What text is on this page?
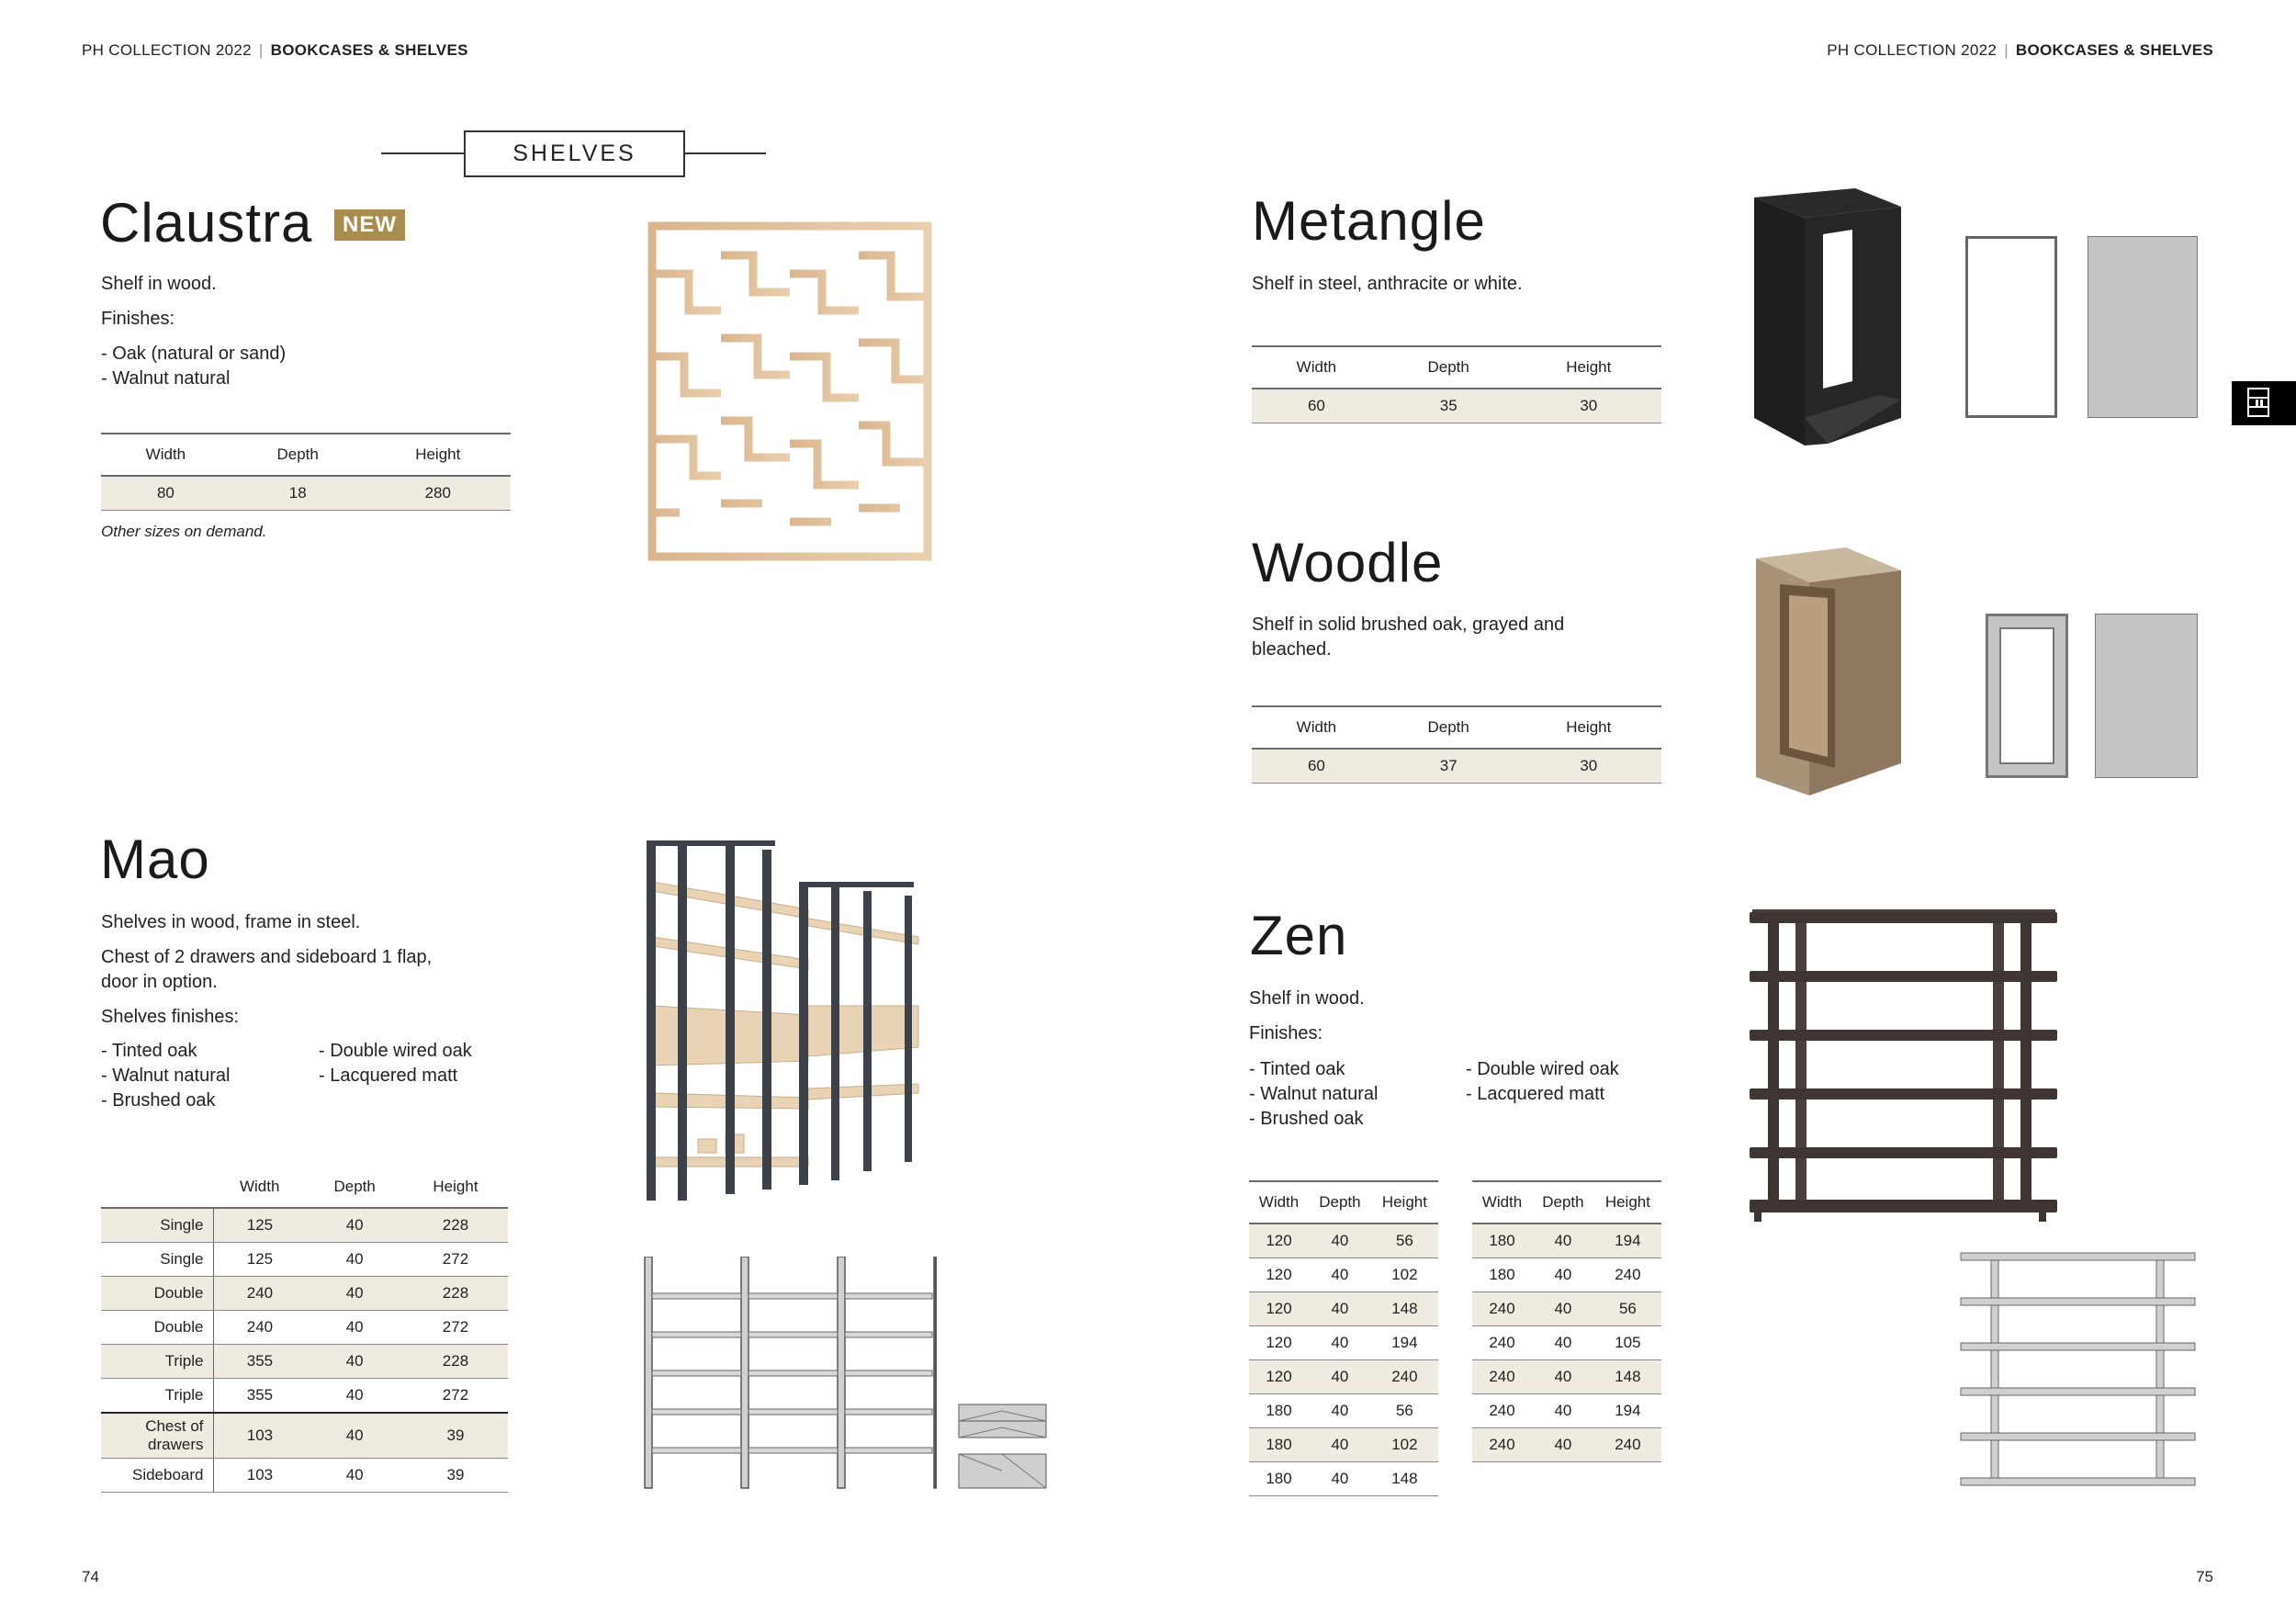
PH COLLECTION 2022 | BOOKCASES & SHELVES	PH COLLECTION 2022 | BOOKCASES & SHELVES
SHELVES
Claustra	NEW
Shelf in wood.
Finishes:
- Oak (natural or sand)
- Walnut natural
Width	Depth	Height
80	18	280
Other sizes on demand.
Mao
Shelves in wood, frame in steel.
Chest of 2 drawers and sideboard 1 flap,
door in option.
Shelves finishes:
- Tinted oak
- Walnut natural
- Brushed oak
- Double wired oak
- Lacquered matt
	Width	Depth	Height
Single	125	40	228
Single	125	40	272
Double	240	40	228
Double	240	40	272
Triple	355	40	228
Triple	355	40	272
Chest of
drawers	103	40	39
Sideboard	103	40	39
Metangle
Shelf in steel, anthracite or white.
Width	Depth	Height
60	35	30
Woodle
Shelf in solid brushed oak, grayed and
bleached.
Width	Depth	Height
60	37	30
Zen
Shelf in wood.
Finishes:
- Tinted oak
- Walnut natural
- Brushed oak
- Double wired oak
- Lacquered matt
Width	Depth	Height
120	40	56
120	40	102
120	40	148
120	40	194
120	40	240
180	40	56
180	40	102
180	40	148
Width	Depth	Height
180	40	194
180	40	240
240	40	56
240	40	105
240	40	148
240	40	194
240	40	240
74	75
